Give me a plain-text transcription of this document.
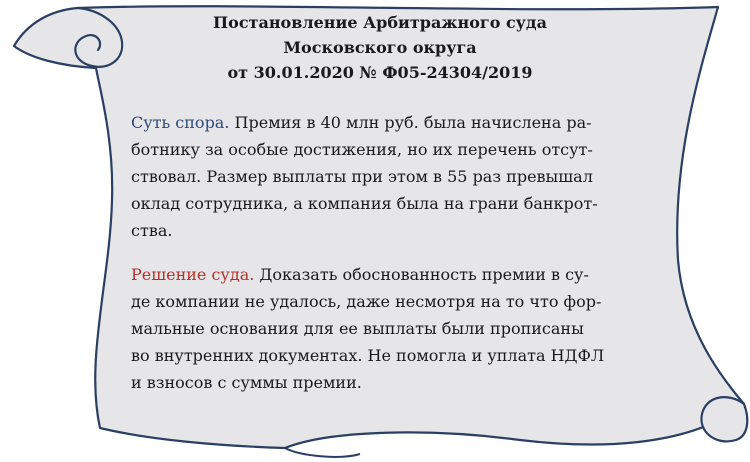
Постановление Арбитражного суда
Московского округа
от 30.01.2020 № Ф05-24304/2019

Суть спора. Премия в 40 млн руб. была начислена ра-
ботнику за особые достижения, но их перечень отсут-
ствовал. Размер выплаты при этом в 55 раз превышал
оклад сотрудника, а компания была на грани банкрот-
ства.

Решение суда. Доказать обоснованность премии в су-
де компании не удалось, даже несмотря на то что фор-
мальные основания для ее выплаты были прописаны
во внутренних документах. Не помогла и уплата НДФЛ
и взносов с суммы премии.
